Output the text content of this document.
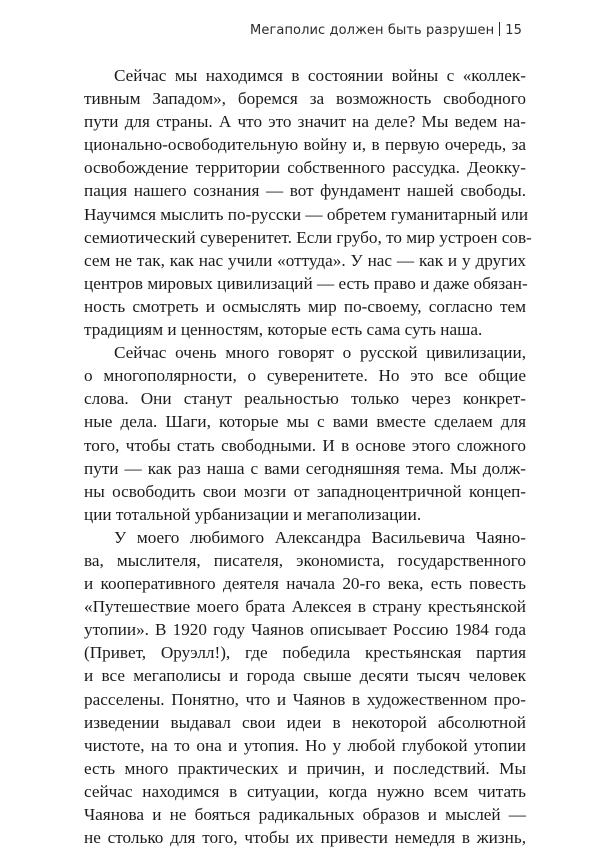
Мегаполис должен быть разрушен 15
Сейчас мы находимся в состоянии войны с «коллек-
тивным Западом», боремся за возможность свободного
пути для страны. А что это значит на деле? Мы ведем на-
ционально-освободительную войну и, в первую очередь, за
освобождение территории собственного рассудка. Деокку-
пация нашего сознания — вот фундамент нашей свободы.
Научимся мыслить по-русски — обретем гуманитарный или
семиотический суверенитет. Если грубо, то мир устроен сов-
сем не так, как нас учили «оттуда». У нас — как и у других
центров мировых цивилизаций — есть право и даже обязан-
ность смотреть и осмыслять мир по-своему, согласно тем
традициям и ценностям, которые есть сама суть наша.
Сейчас очень много говорят о русской цивилизации,
о многополярности, о суверенитете. Но это все общие
слова. Они станут реальностью только через конкрет-
ные дела. Шаги, которые мы с вами вместе сделаем для
того, чтобы стать свободными. И в основе этого сложного
пути — как раз наша с вами сегодняшняя тема. Мы долж-
ны освободить свои мозги от западноцентричной концеп-
ции тотальной урбанизации и мегаполизации.
У моего любимого Александра Васильевича Чаяно-
ва, мыслителя, писателя, экономиста, государственного
и кооперативного деятеля начала 20-го века, есть повесть
«Путешествие моего брата Алексея в страну крестьянской
утопии». В 1920 году Чаянов описывает Россию 1984 года
(Привет, Оруэлл!), где победила крестьянская партия
и все мегаполисы и города свыше десяти тысяч человек
расселены. Понятно, что и Чаянов в художественном про-
изведении выдавал свои идеи в некоторой абсолютной
чистоте, на то она и утопия. Но у любой глубокой утопии
есть много практических и причин, и последствий. Мы
сейчас находимся в ситуации, когда нужно всем читать
Чаянова и не бояться радикальных образов и мыслей —
не столько для того, чтобы их привести немедля в жизнь,
